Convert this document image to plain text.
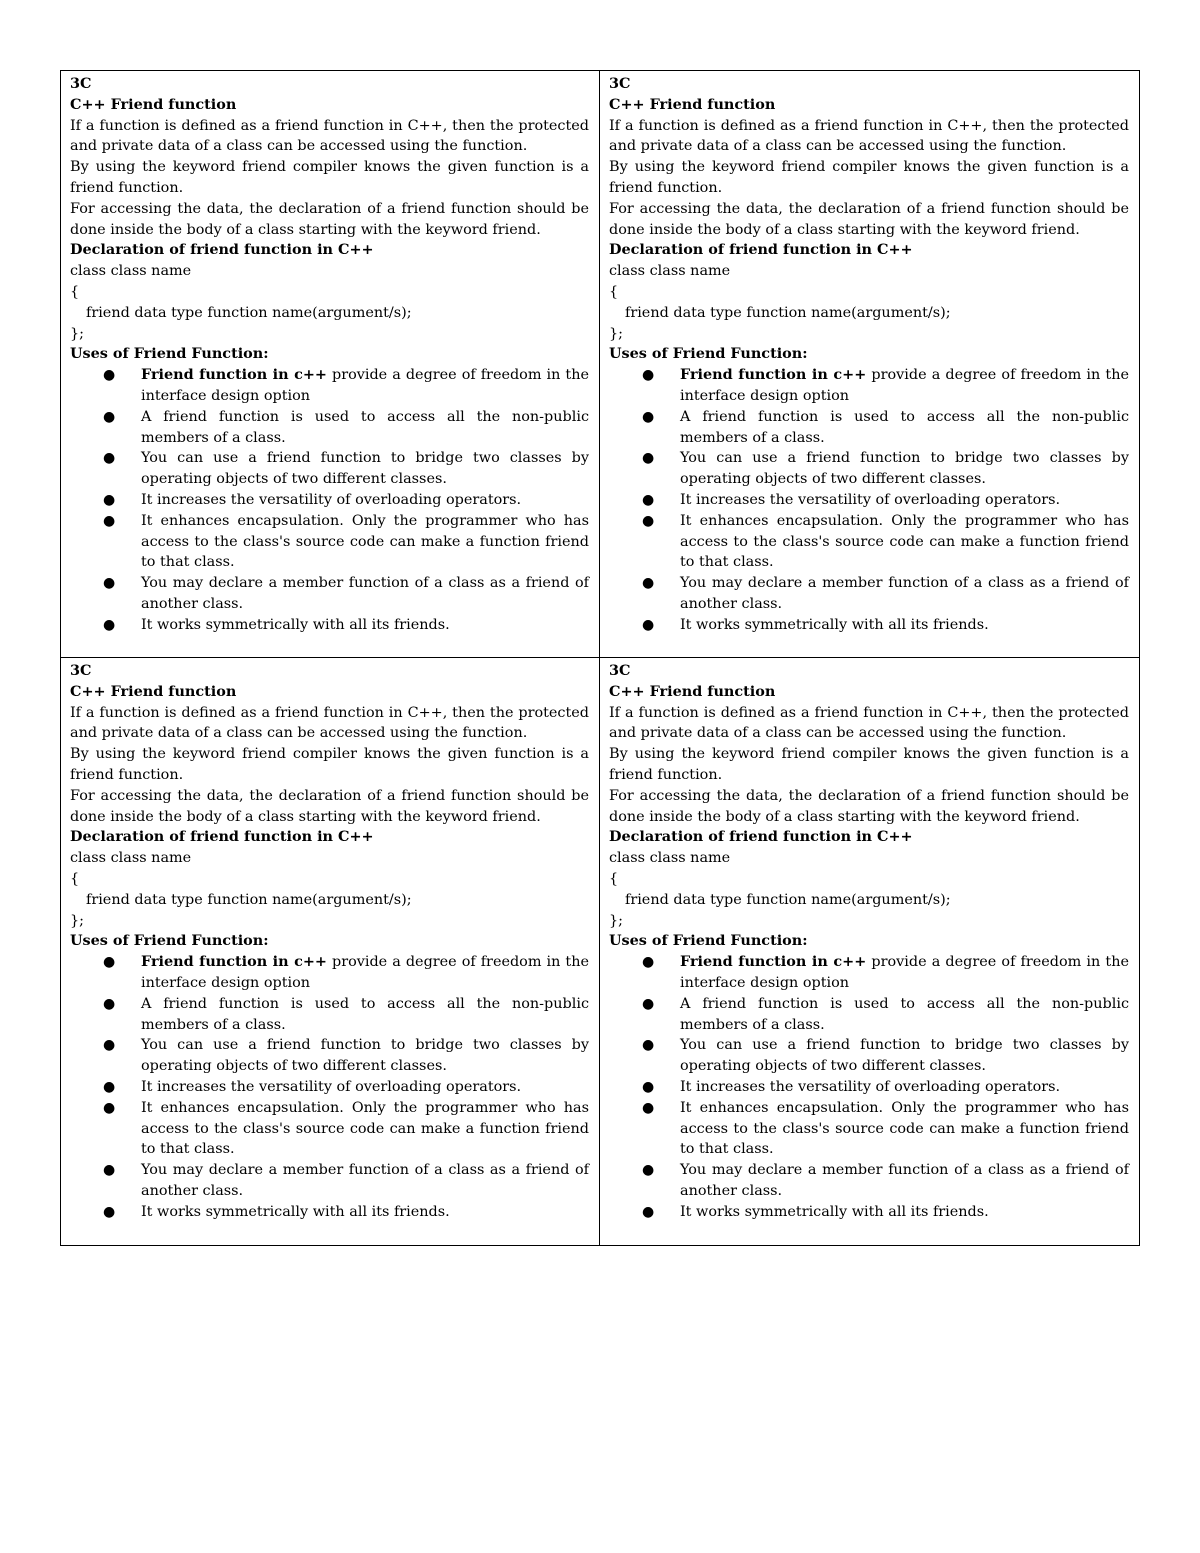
3C
C++ Friend function
If a function is defined as a friend function in C++, then the protected and private data of a class can be accessed using the function.
By using the keyword friend compiler knows the given function is a friend function.
For accessing the data, the declaration of a friend function should be done inside the body of a class starting with the keyword friend.
Declaration of friend function in C++
class class name
{
friend data type function name(argument/s);
};
Uses of Friend Function:
● Friend function in c++ provide a degree of freedom in the interface design option
● A friend function is used to access all the non-public members of a class.
● You can use a friend function to bridge two classes by operating objects of two different classes.
● It increases the versatility of overloading operators.
● It enhances encapsulation. Only the programmer who has access to the class's source code can make a function friend to that class.
● You may declare a member function of a class as a friend of another class.
● It works symmetrically with all its friends.
3C
C++ Friend function
If a function is defined as a friend function in C++, then the protected and private data of a class can be accessed using the function.
By using the keyword friend compiler knows the given function is a friend function.
For accessing the data, the declaration of a friend function should be done inside the body of a class starting with the keyword friend.
Declaration of friend function in C++
class class name
{
friend data type function name(argument/s);
};
Uses of Friend Function:
● Friend function in c++ provide a degree of freedom in the interface design option
● A friend function is used to access all the non-public members of a class.
● You can use a friend function to bridge two classes by operating objects of two different classes.
● It increases the versatility of overloading operators.
● It enhances encapsulation. Only the programmer who has access to the class's source code can make a function friend to that class.
● You may declare a member function of a class as a friend of another class.
● It works symmetrically with all its friends.
3C
C++ Friend function
If a function is defined as a friend function in C++, then the protected and private data of a class can be accessed using the function.
By using the keyword friend compiler knows the given function is a friend function.
For accessing the data, the declaration of a friend function should be done inside the body of a class starting with the keyword friend.
Declaration of friend function in C++
class class name
{
friend data type function name(argument/s);
};
Uses of Friend Function:
● Friend function in c++ provide a degree of freedom in the interface design option
● A friend function is used to access all the non-public members of a class.
● You can use a friend function to bridge two classes by operating objects of two different classes.
● It increases the versatility of overloading operators.
● It enhances encapsulation. Only the programmer who has access to the class's source code can make a function friend to that class.
● You may declare a member function of a class as a friend of another class.
● It works symmetrically with all its friends.
3C
C++ Friend function
If a function is defined as a friend function in C++, then the protected and private data of a class can be accessed using the function.
By using the keyword friend compiler knows the given function is a friend function.
For accessing the data, the declaration of a friend function should be done inside the body of a class starting with the keyword friend.
Declaration of friend function in C++
class class name
{
friend data type function name(argument/s);
};
Uses of Friend Function:
● Friend function in c++ provide a degree of freedom in the interface design option
● A friend function is used to access all the non-public members of a class.
● You can use a friend function to bridge two classes by operating objects of two different classes.
● It increases the versatility of overloading operators.
● It enhances encapsulation. Only the programmer who has access to the class's source code can make a function friend to that class.
● You may declare a member function of a class as a friend of another class.
● It works symmetrically with all its friends.
